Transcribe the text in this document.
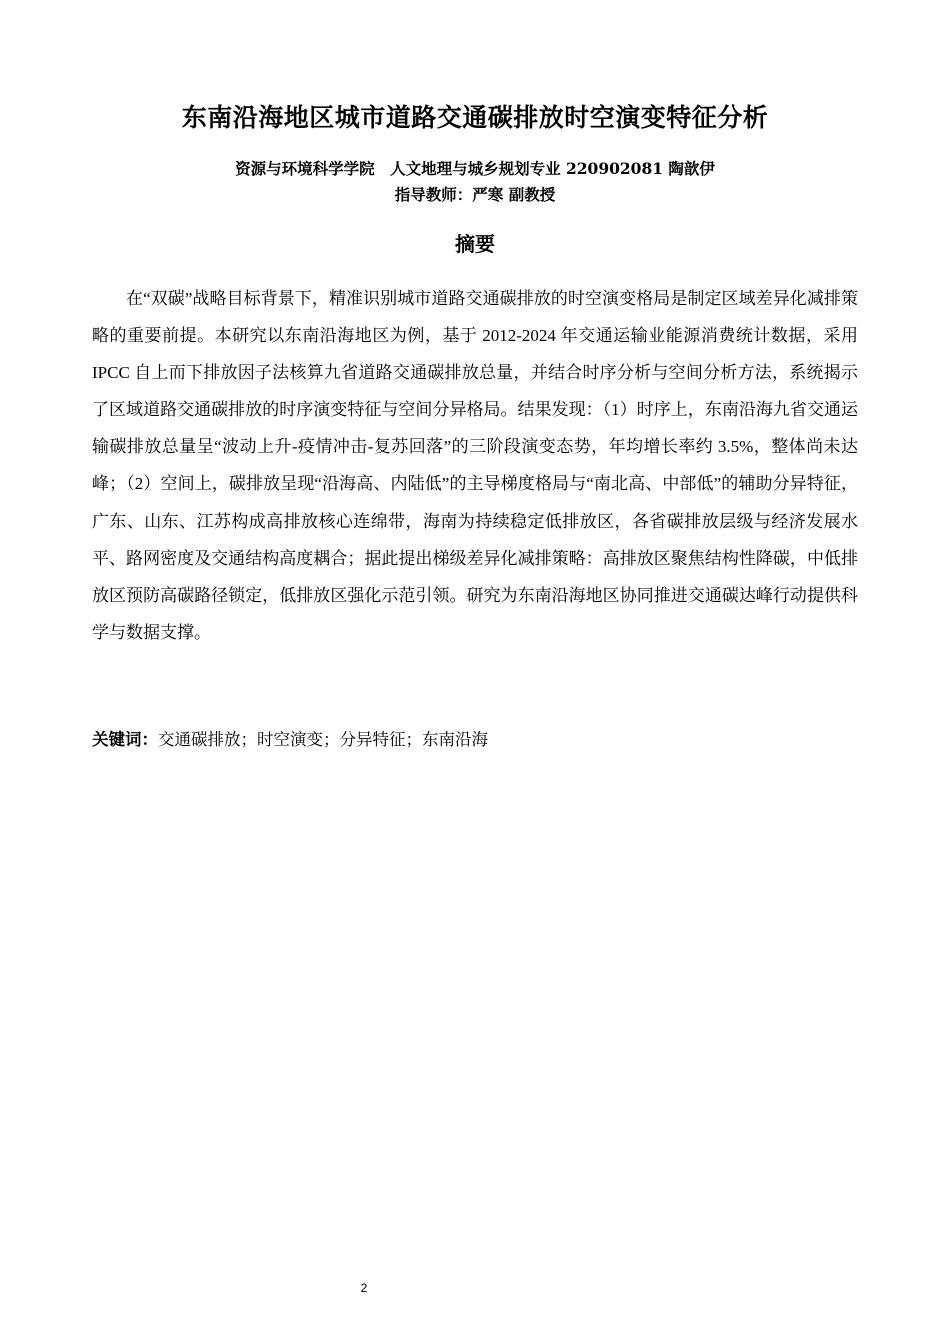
东南沿海地区城市道路交通碳排放时空演变特征分析
资源与环境科学学院　人文地理与城乡规划专业 220902081 陶歆伊
指导教师：严寒 副教授
摘要

在“双碳”战略目标背景下，精准识别城市道路交通碳排放的时空演变格局是制定区域差异化减排策略的重要前提。本研究以东南沿海地区为例，基于 2012-2024 年交通运输业能源消费统计数据，采用 IPCC 自上而下排放因子法核算九省道路交通碳排放总量，并结合时序分析与空间分析方法，系统揭示了区域道路交通碳排放的时序演变特征与空间分异格局。结果发现：（1）时序上，东南沿海九省交通运输碳排放总量呈“波动上升-疫情冲击-复苏回落”的三阶段演变态势，年均增长率约 3.5%，整体尚未达峰；（2）空间上，碳排放呈现“沿海高、内陆低”的主导梯度格局与“南北高、中部低”的辅助分异特征，广东、山东、江苏构成高排放核心连绵带，海南为持续稳定低排放区，各省碳排放层级与经济发展水平、路网密度及交通结构高度耦合；据此提出梯级差异化减排策略：高排放区聚焦结构性降碳，中低排放区预防高碳路径锁定，低排放区强化示范引领。研究为东南沿海地区协同推进交通碳达峰行动提供科学与数据支撑。

关键词：交通碳排放；时空演变；分异特征；东南沿海
2
